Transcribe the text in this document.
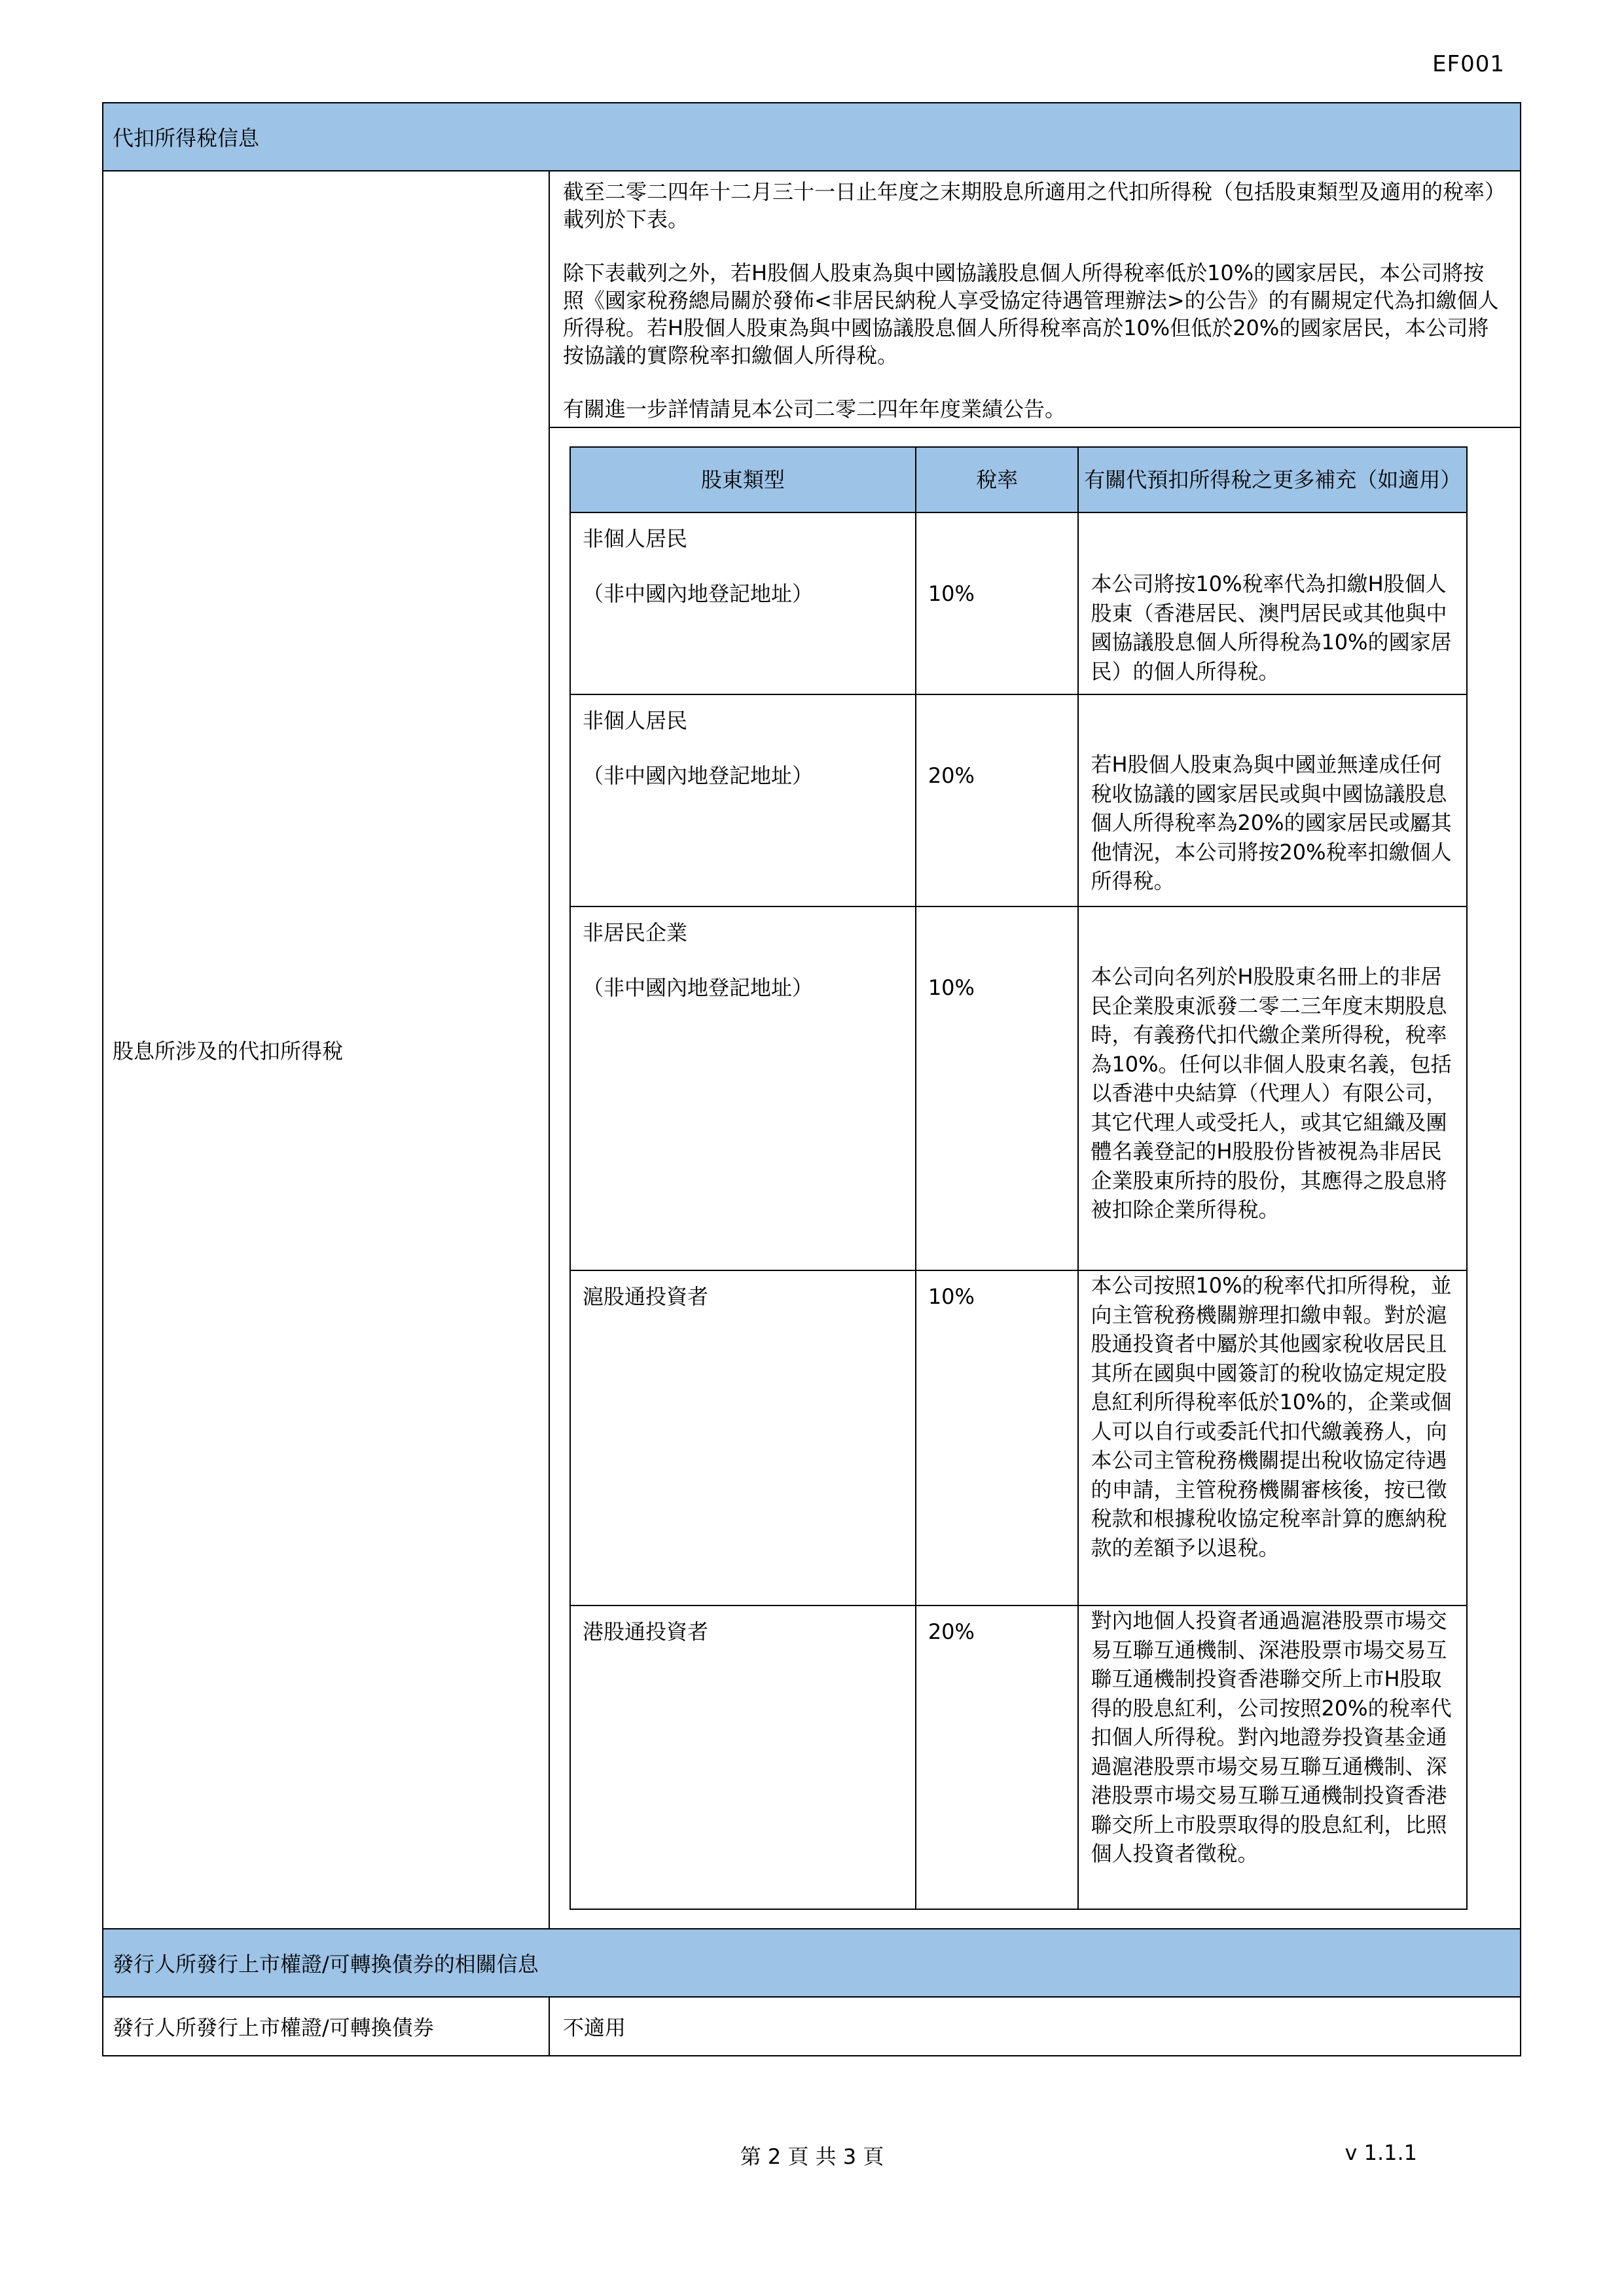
EF001
代扣所得稅信息
股息所涉及的代扣所得稅

截至二零二四年十二月三十一日止年度之末期股息所適用之代扣所得稅（包括股東類型及適用的稅率）載列於下表。

除下表載列之外，若H股個人股東為與中國協議股息個人所得稅率低於10%的國家居民，本公司將按照《國家稅務總局關於發佈<非居民納稅人享受協定待遇管理辦法>的公告》的有關規定代為扣繳個人所得稅。若H股個人股東為與中國協議股息個人所得稅率高於10%但低於20%的國家居民，本公司將按協議的實際稅率扣繳個人所得稅。

有關進一步詳情請見本公司二零二四年年度業績公告。

股東類型	稅率	有關代預扣所得稅之更多補充（如適用）

非個人居民
（非中國內地登記地址）	10%	本公司將按10%稅率代為扣繳H股個人股東（香港居民、澳門居民或其他與中國協議股息個人所得稅為10%的國家居民）的個人所得稅。

非個人居民
（非中國內地登記地址）	20%	若H股個人股東為與中國並無達成任何稅收協議的國家居民或與中國協議股息個人所得稅率為20%的國家居民或屬其他情況，本公司將按20%稅率扣繳個人所得稅。

非居民企業
（非中國內地登記地址）	10%	本公司向名列於H股股東名冊上的非居民企業股東派發二零二三年度末期股息時，有義務代扣代繳企業所得稅，稅率為10%。任何以非個人股東名義，包括以香港中央結算（代理人）有限公司，其它代理人或受托人，或其它組織及團體名義登記的H股股份皆被視為非居民企業股東所持的股份，其應得之股息將被扣除企業所得稅。

滬股通投資者	10%	本公司按照10%的稅率代扣所得稅，並向主管稅務機關辦理扣繳申報。對於滬股通投資者中屬於其他國家稅收居民且其所在國與中國簽訂的稅收協定規定股息紅利所得稅率低於10%的，企業或個人可以自行或委託代扣代繳義務人，向本公司主管稅務機關提出稅收協定待遇的申請，主管稅務機關審核後，按已徵稅款和根據稅收協定稅率計算的應納稅款的差額予以退稅。

港股通投資者	20%	對內地個人投資者通過滬港股票市場交易互聯互通機制、深港股票市場交易互聯互通機制投資香港聯交所上市H股取得的股息紅利，公司按照20%的稅率代扣個人所得稅。對內地證券投資基金通過滬港股票市場交易互聯互通機制、深港股票市場交易互聯互通機制投資香港聯交所上市股票取得的股息紅利，比照個人投資者徵稅。
發行人所發行上市權證/可轉換債券的相關信息
發行人所發行上市權證/可轉換債券	不適用
第 2 頁 共 3 頁	v 1.1.1
